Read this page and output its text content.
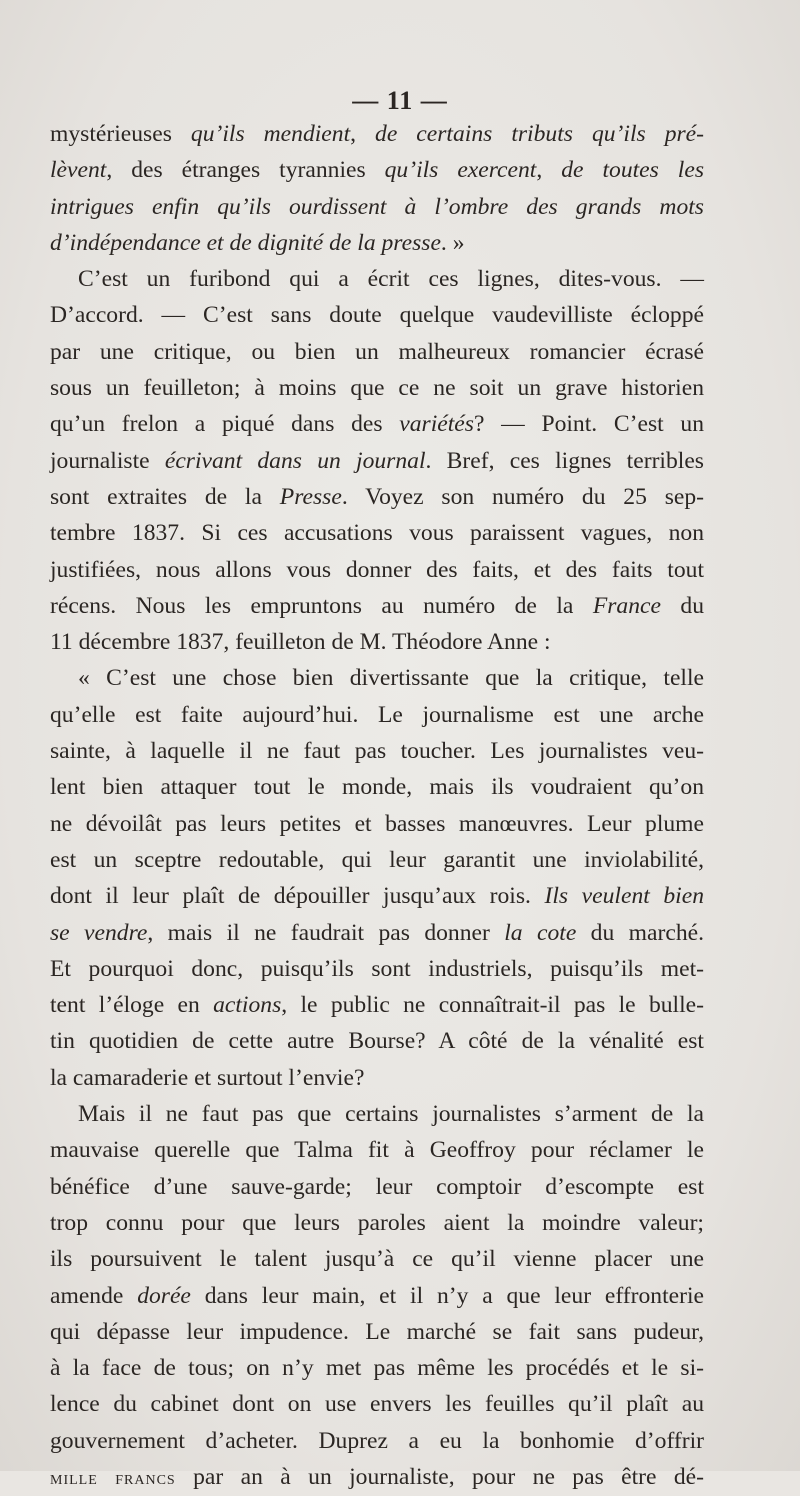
— 11 —
mystérieuses qu’ils mendient, de certains tributs qu’ils pré-
lèvent, des étranges tyrannies qu’ils exercent, de toutes les
intrigues enfin qu’ils ourdissent à l’ombre des grands mots
d’indépendance et de dignité de la presse. »
C’est un furibond qui a écrit ces lignes, dites-vous. —
D’accord. — C’est sans doute quelque vaudevilliste écloppé
par une critique, ou bien un malheureux romancier écrasé
sous un feuilleton; à moins que ce ne soit un grave historien
qu’un frelon a piqué dans des variétés? — Point. C’est un
journaliste écrivant dans un journal. Bref, ces lignes terribles
sont extraites de la Presse. Voyez son numéro du 25 sep-
tembre 1837. Si ces accusations vous paraissent vagues, non
justifiées, nous allons vous donner des faits, et des faits tout
récens. Nous les empruntons au numéro de la France du
11 décembre 1837, feuilleton de M. Théodore Anne :
« C’est une chose bien divertissante que la critique, telle
qu’elle est faite aujourd’hui. Le journalisme est une arche
sainte, à laquelle il ne faut pas toucher. Les journalistes veu-
lent bien attaquer tout le monde, mais ils voudraient qu’on
ne dévoilât pas leurs petites et basses manœuvres. Leur plume
est un sceptre redoutable, qui leur garantit une inviolabilité,
dont il leur plaît de dépouiller jusqu’aux rois. Ils veulent bien
se vendre, mais il ne faudrait pas donner la cote du marché.
Et pourquoi donc, puisqu’ils sont industriels, puisqu’ils met-
tent l’éloge en actions, le public ne connaîtrait-il pas le bulle-
tin quotidien de cette autre Bourse? A côté de la vénalité est
la camaraderie et surtout l’envie?
Mais il ne faut pas que certains journalistes s’arment de la
mauvaise querelle que Talma fit à Geoffroy pour réclamer le
bénéfice d’une sauve-garde; leur comptoir d’escompte est
trop connu pour que leurs paroles aient la moindre valeur;
ils poursuivent le talent jusqu’à ce qu’il vienne placer une
amende dorée dans leur main, et il n’y a que leur effronterie
qui dépasse leur impudence. Le marché se fait sans pudeur,
à la face de tous; on n’y met pas même les procédés et le si-
lence du cabinet dont on use envers les feuilles qu’il plaît au
gouvernement d’acheter. Duprez a eu la bonhomie d’offrir
mille francs par an à un journaliste, pour ne pas être dé-
